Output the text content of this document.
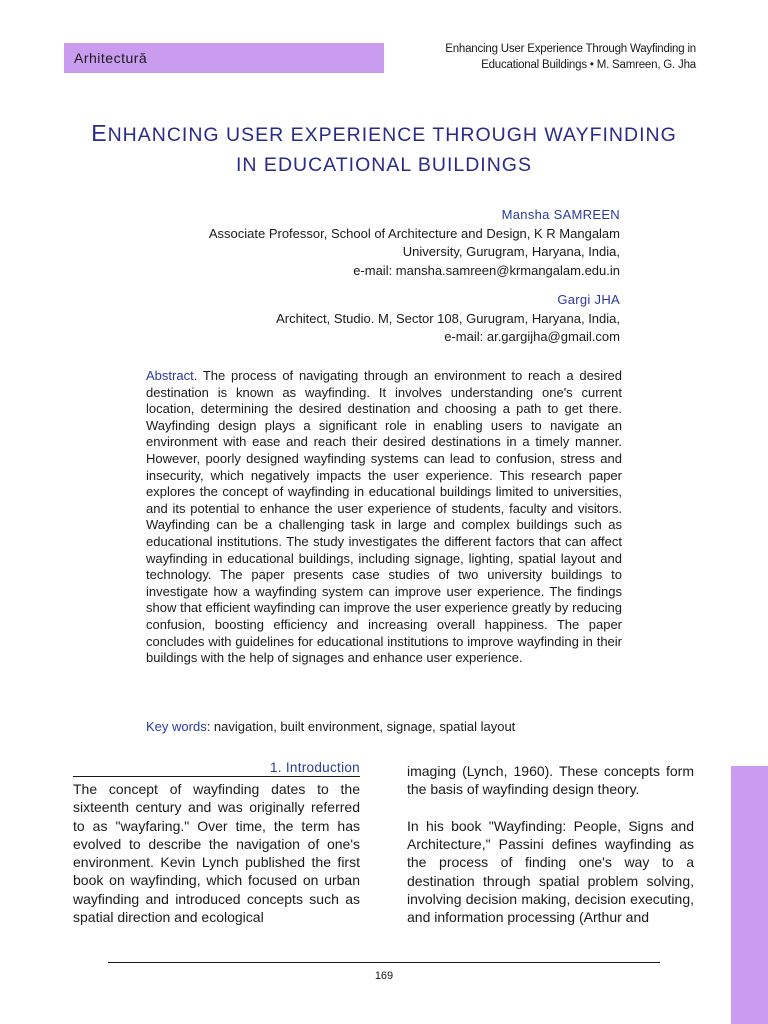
Arhitectură
Enhancing User Experience Through Wayfinding in
Educational Buildings • M. Samreen, G. Jha
ENHANCING USER EXPERIENCE THROUGH WAYFINDING
IN EDUCATIONAL BUILDINGS
Mansha SAMREEN
Associate Professor, School of Architecture and Design, K R Mangalam
University, Gurugram, Haryana, India,
e-mail: mansha.samreen@krmangalam.edu.in
Gargi JHA
Architect, Studio. M, Sector 108, Gurugram, Haryana, India,
e-mail: ar.gargijha@gmail.com
Abstract. The process of navigating through an environment to reach a desired destination is known as wayfinding. It involves understanding one's current location, determining the desired destination and choosing a path to get there. Wayfinding design plays a significant role in enabling users to navigate an environment with ease and reach their desired destinations in a timely manner. However, poorly designed wayfinding systems can lead to confusion, stress and insecurity, which negatively impacts the user experience. This research paper explores the concept of wayfinding in educational buildings limited to universities, and its potential to enhance the user experience of students, faculty and visitors. Wayfinding can be a challenging task in large and complex buildings such as educational institutions. The study investigates the different factors that can affect wayfinding in educational buildings, including signage, lighting, spatial layout and technology. The paper presents case studies of two university buildings to investigate how a wayfinding system can improve user experience. The findings show that efficient wayfinding can improve the user experience greatly by reducing confusion, boosting efficiency and increasing overall happiness. The paper concludes with guidelines for educational institutions to improve wayfinding in their buildings with the help of signages and enhance user experience.
Key words: navigation, built environment, signage, spatial layout
1. Introduction

The concept of wayfinding dates to the sixteenth century and was originally referred to as "wayfaring." Over time, the term has evolved to describe the navigation of one's environment. Kevin Lynch published the first book on wayfinding, which focused on urban wayfinding and introduced concepts such as spatial direction and ecological

imaging (Lynch, 1960). These concepts form the basis of wayfinding design theory.

In his book "Wayfinding: People, Signs and Architecture," Passini defines wayfinding as the process of finding one's way to a destination through spatial problem solving, involving decision making, decision executing, and information processing (Arthur and

169
